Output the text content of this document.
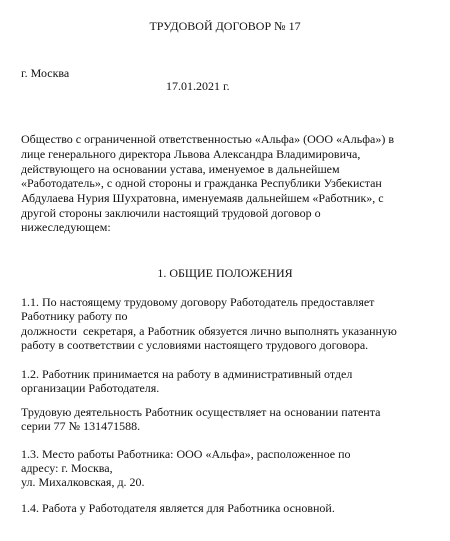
ТРУДОВОЙ ДОГОВОР № 17
г. Москва
17.01.2021 г.
Общество с ограниченной ответственностью «Альфа» (ООО «Альфа») в
лице генерального директора Львова Александра Владимировича,
действующего на основании устава, именуемое в дальнейшем
«Работодатель», с одной стороны и гражданка Республики Узбекистан
Абдулаева Нурия Шухратовна, именуемаяв дальнейшем «Работник», с
другой стороны заключили настоящий трудовой договор о
нижеследующем:
1. ОБЩИЕ ПОЛОЖЕНИЯ
1.1. По настоящему трудовому договору Работодатель предоставляет
Работнику работу по
должности  секретаря, а Работник обязуется лично выполнять указанную
работу в соответствии с условиями настоящего трудового договора.
1.2. Работник принимается на работу в административный отдел
организации Работодателя.
Трудовую деятельность Работник осуществляет на основании патента
серии 77 № 131471588.
1.3. Место работы Работника: ООО «Альфа», расположенное по
адресу: г. Москва,
ул. Михалковская, д. 20.
1.4. Работа у Работодателя является для Работника основной.
